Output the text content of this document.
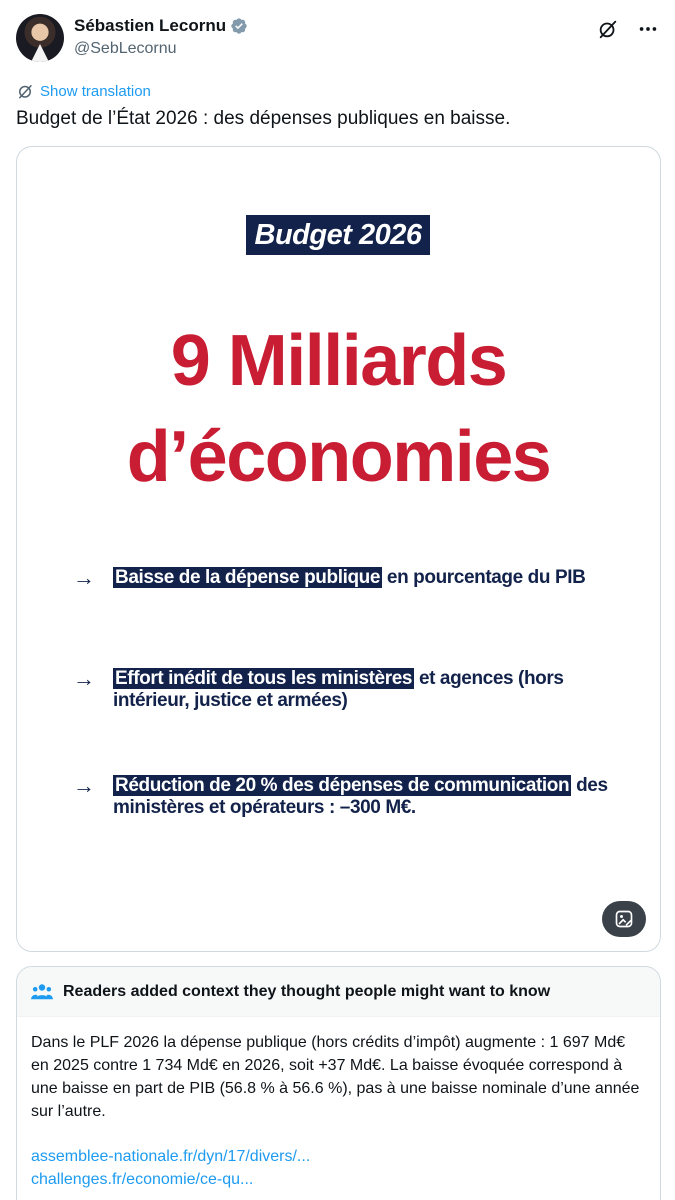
Sébastien Lecornu
@SebLecornu
Show translation
Budget de l’État 2026 : des dépenses publiques en baisse.
Budget 2026
9 Milliards
d’économies
→	Baisse de la dépense publique en pourcentage du PIB
→	Effort inédit de tous les ministères et agences (hors intérieur, justice et armées)
→	Réduction de 20 % des dépenses de communication des ministères et opérateurs : –300 M€.
Readers added context they thought people might want to know
Dans le PLF 2026 la dépense publique (hors crédits d’impôt) augmente : 1 697 Md€ en 2025 contre 1 734 Md€ en 2026, soit +37 Md€. La baisse évoquée correspond à une baisse en part de PIB (56.8 % à 56.6 %), pas à une baisse nominale d’une année sur l’autre.
assemblee-nationale.fr/dyn/17/divers/...
challenges.fr/economie/ce-qu...
